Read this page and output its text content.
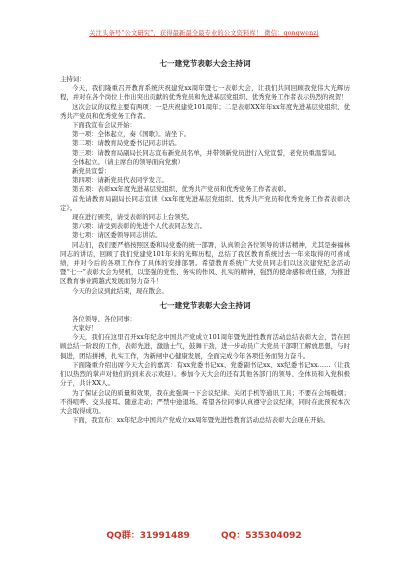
关注头条号“公文研究”，获得最新最全最专业的公文资料库！ 微信：gongwenzj
七一建党节表彰大会主持词

主持词：

今天，我们隆重召开教育系统庆祝建党xx周年暨七一表彰大会，让我们共同回顾我党伟大光辉历程，并对在各个岗位上作出突出贡献的优秀党员和先进基层党组织、优秀党务工作者表示热烈的祝贺！

这次会议的议程主要有两项：一是庆祝建党101周年；二是表彰XX年年xx年度先进基层党组织、优秀共产党员和优秀党务工作者。

下面我宣布会议开始：

第一项：全体起立，奏《国歌》。请坐下。

第二项：请教育局党委书记同志讲话。

第三项：请教育局副局长同志宣布新党员名单，并带领新党员进行入党宣誓，老党员重温誓词。

全体起立。（请主席台的领导面向党旗）

新党员宣誓：

第四项：请新党员代表同学发言。

第五项：表彰xx年度先进基层党组织、优秀共产党员和优秀党务工作者表彰。

首先请教育局副局长同志宣读《xx年度先进基层党组织、优秀共产党员和优秀党务工作者表彰决定》。

现在进行颁奖，请受表彰的同志上台领奖。

第六项：请受到表彰的先进个人代表同志发言。

第七项：请区委领导同志讲话。

同志们，我们要严格按照区委和局党委的统一部署，认真领会各位领导的讲话精神，尤其是秦福林同志的讲话，回顾了我们党建党101年来的光辉历程，总结了我区教育系统过去一年来取得的可喜成绩，并对今后的各项工作作了具体的安排部署。希望教育系统广大党员同志们以这次建党纪念活动暨“七一”表彰大会为契机，以坚强的党性、务实的作风、扎实的精神，强烈的使命感和责任感，为推进区教育事业跨越式发展而努力奋斗！

今天的会议到此结束，现在散会。

七一建党节表彰大会主持词

各位领导、各位同事：

大家好！

今天，我们在这里召开xx年纪念中国共产党成立101周年暨先进性教育活动总结表彰大会，旨在回顾总结一阶段的工作，表彰先进，激励士气，鼓舞干劲，进一步动员广大党员干部职工解放思想，与时俱进，团结拼搏，扎实工作，为新闸中心健康发展，全面完成今年各项任务而努力奋斗。

下面隆重介绍出席今天大会的嘉宾：有xx党委书记xx、党委副书记xx、xx纪委书记xx……（让我们以热烈的掌声对他们的到来表示欢迎）。参加今天大会的还有其他各部门的领导、全体员和入党积极分子，共计XX人。

为了保证会议的质量和效果，我在此强调一下会议纪律。关闭手机等通讯工具；不要在会场吸烟；不得喧哗、交头接耳。随意走动；严禁中途退场。希望各位同事认真遵守会议纪律，同时在此预祝本次大会取得成功。

下面，我宣布：xx年纪念中国共产党成立xx周年暨先进性教育活动总结表彰大会现在开始。

QQ群：31991489	QQ：535304092
